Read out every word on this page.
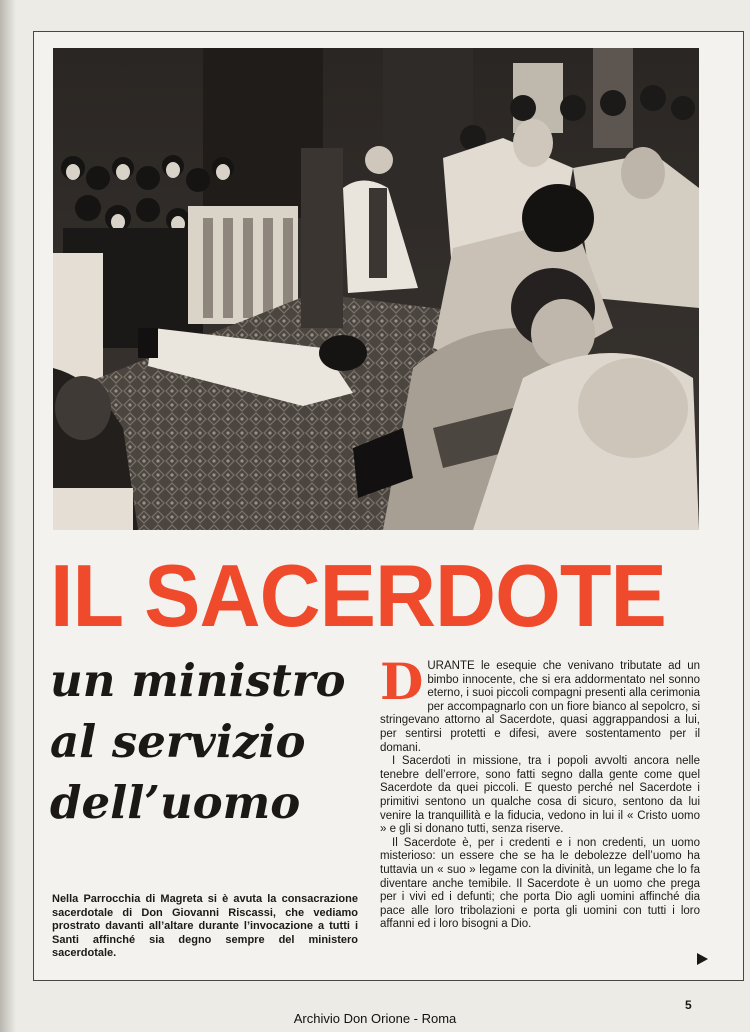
IL SACERDOTE
un ministro
al servizio
dell’uomo

DURANTE le esequie che venivano tributate ad un bimbo innocente, che si era addormentato nel sonno eterno, i suoi piccoli compagni presenti alla cerimonia per accompagnarlo con un fiore bianco al sepolcro, si stringevano attorno al Sacerdote, quasi aggrappandosi a lui, per sentirsi protetti e difesi, avere sostentamento per il domani.

I Sacerdoti in missione, tra i popoli avvolti ancora nelle tenebre dell’errore, sono fatti segno dalla gente come quel Sacerdote da quei piccoli. E questo perché nel Sacerdote i primitivi sentono un qualche cosa di sicuro, sentono da lui venire la tranquillità e la fiducia, vedono in lui il « Cristo uomo » e gli si donano tutti, senza riserve.

Il Sacerdote è, per i credenti e i non credenti, un uomo misterioso: un essere che se ha le debolezze dell’uomo ha tuttavia un « suo » legame con la divinità, un legame che lo fa diventare anche temibile. Il Sacerdote è un uomo che prega per i vivi ed i defunti; che porta Dio agli uomini affinché dia pace alle loro tribolazioni e porta gli uomini con tutti i loro affanni ed i loro bisogni a Dio.

Nella Parrocchia di Magreta si è avuta la consacrazione sacerdotale di Don Giovanni Riscassi, che vediamo prostrato davanti all’altare durante l’invocazione a tutti i Santi affinché sia degno sempre del ministero sacerdotale.
5
Archivio Don Orione - Roma
